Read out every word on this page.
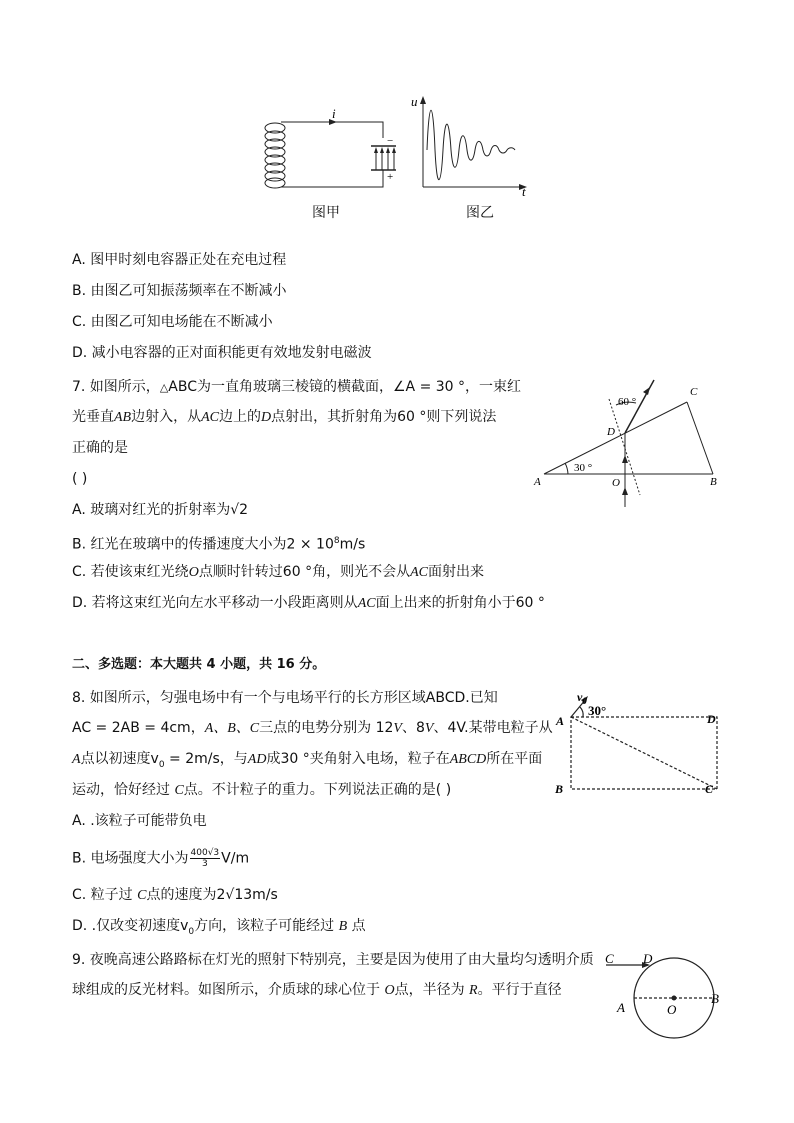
i
−
+
u
t
图甲	图乙
A. 图甲时刻电容器正处在充电过程
B. 由图乙可知振荡频率在不断减小
C. 由图乙可知电场能在不断减小
D. 减小电容器的正对面积能更有效地发射电磁波
7. 如图所示，△ABC为一直角玻璃三棱镜的横截面，∠A = 30 °，一束红
光垂直AB边射入，从AC边上的D点射出，其折射角为60 °则下列说法
正确的是
( )
A. 玻璃对红光的折射率为√2
B. 红光在玻璃中的传播速度大小为$2 \times 10^8m/s$
C. 若使该束红光绕O点顺时针转过60 °角，则光不会从AC面射出来
D. 若将这束红光向左水平移动一小段距离则从AC面上出来的折射角小于60 °
60 °
30 °
A	B
C
D
O
二、多选题：本大题共 4 小题，共 16 分。
8. 如图所示，匀强电场中有一个与电场平行的长方形区域ABCD.已知
AC = 2AB = 4cm，A、B、C三点的电势分别为 12V、8V、4V.某带电粒子从
A点以初速度$v_0 = 2m/s$，与AD成30 °夹角射入电场，粒子在ABCD所在平面
运动，恰好经过 C点。不计粒子的重力。下列说法正确的是( )
A. .该粒子可能带负电
B. 电场强度大小为 $\frac{400√3}{3} V/m$
C. 粒子过 C点的速度为2√13m/s
D. .仅改变初速度$v_0$方向，该粒子可能经过 B 点
$v_0$
30°
A
B	C
D
9. 夜晚高速公路路标在灯光的照射下特别亮，主要是因为使用了由大量均匀透明介质
球组成的反光材料。如图所示，介质球的球心位于 O点，半径为 R。平行于直径
C D
A
B
O
